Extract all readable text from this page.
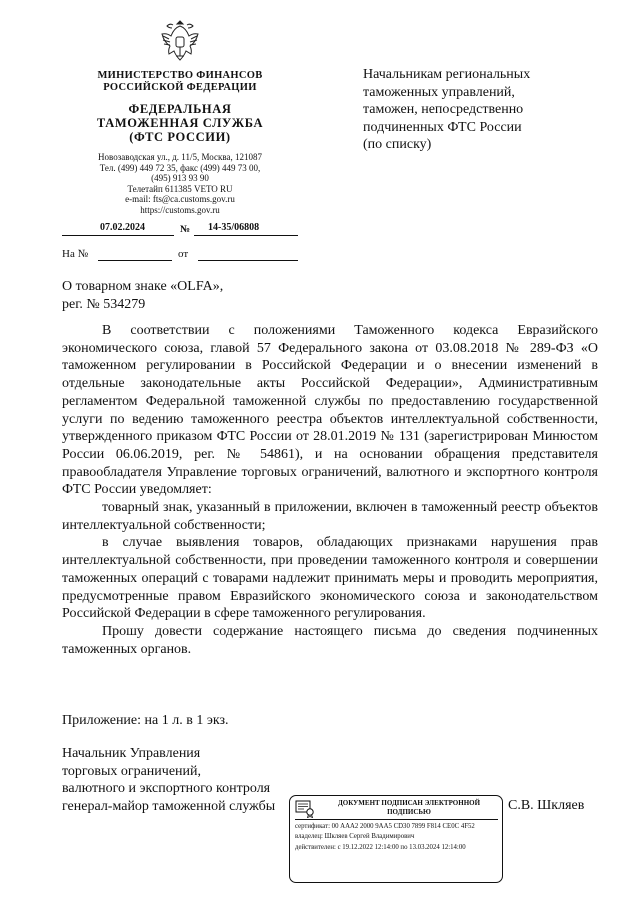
МИНИСТЕРСТВО ФИНАНСОВ
РОССИЙСКОЙ ФЕДЕРАЦИИ
ФЕДЕРАЛЬНАЯ
ТАМОЖЕННАЯ СЛУЖБА
(ФТС РОССИИ)
Новозаводская ул., д. 11/5, Москва, 121087
Тел. (499) 449 72 35, факс (499) 449 73 00,
(495) 913 93 90
Телетайп 611385 VETO RU
e-mail: fts@ca.customs.gov.ru
https://customs.gov.ru
07.02.2024	№ 14-35/06808
На №	от
Начальникам региональных
таможенных управлений,
таможен, непосредственно
подчиненных ФТС России
(по списку)
О товарном знаке «OLFA»,
рег. № 534279

В соответствии с положениями Таможенного кодекса Евразийского экономического союза, главой 57 Федерального закона от 03.08.2018 № 289-ФЗ «О таможенном регулировании в Российской Федерации и о внесении изменений в отдельные законодательные акты Российской Федерации», Административным регламентом Федеральной таможенной службы по предоставлению государственной услуги по ведению таможенного реестра объектов интеллектуальной собственности, утвержденного приказом ФТС России от 28.01.2019 № 131 (зарегистрирован Минюстом России 06.06.2019, рег. № 54861), и на основании обращения представителя правообладателя Управление торговых ограничений, валютного и экспортного контроля ФТС России уведомляет:

товарный знак, указанный в приложении, включен в таможенный реестр объектов интеллектуальной собственности;

в случае выявления товаров, обладающих признаками нарушения прав интеллектуальной собственности, при проведении таможенного контроля и совершении таможенных операций с товарами надлежит принимать меры и проводить мероприятия, предусмотренные правом Евразийского экономического союза и законодательством Российской Федерации в сфере таможенного регулирования.

Прошу довести содержание настоящего письма до сведения подчиненных таможенных органов.

Приложение: на 1 л. в 1 экз.
Начальник Управления
торговых ограничений,
валютного и экспортного контроля
генерал-майор таможенной службы	ДОКУМЕНТ ПОДПИСАН ЭЛЕКТРОННОЙ
ПОДПИСЬЮ
сертификат: 00 AAA2 2000 9AA5 CD30 7899 F814 CE0C 4F52
владелец: Шкляев Сергей Владимирович
действителен: с 19.12.2022 12:14:00 по 13.03.2024 12:14:00
С.В. Шкляев
